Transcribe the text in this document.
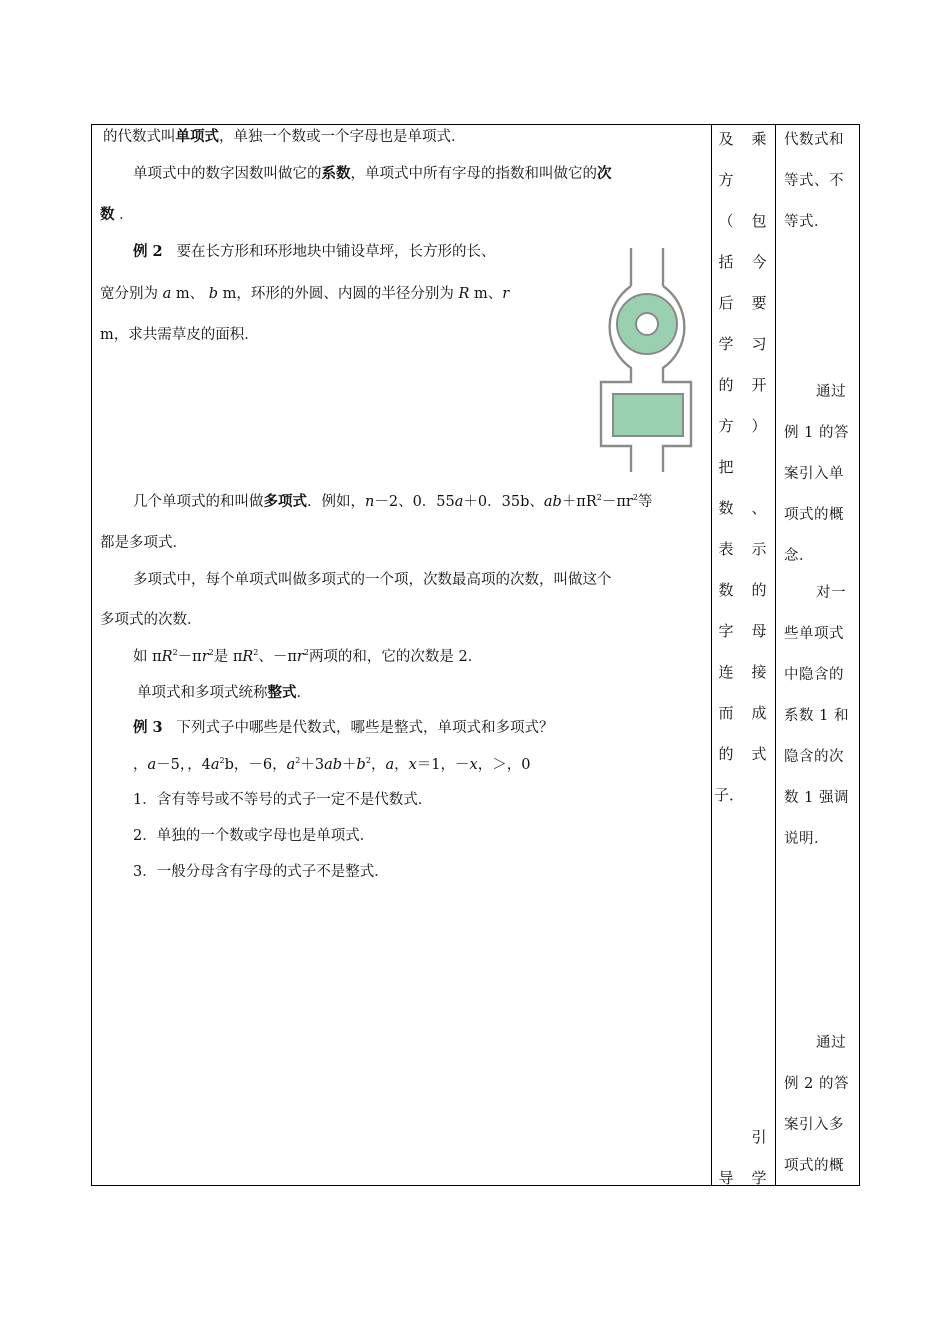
的代数式叫单项式，单独一个数或一个字母也是单项式．
单项式中的数字因数叫做它的系数，单项式中所有字母的指数和叫做它的次
数 ．
例 2 要在长方形和环形地块中铺设草坪，长方形的长、
宽分别为 a m、 b m，环形的外圆、内圆的半径分别为 R m、r
m，求共需草皮的面积．
几个单项式的和叫做多项式．例如，n－2、0．55a＋0．35b、$ab+\pi R^2-\pi r^2$等
都是多项式．
多项式中，每个单项式叫做多项式的一个项，次数最高项的次数，叫做这个
多项式的次数．
如 $\pi R^2-\pi r^2$是 $\pi R^2$、$-\pi r^2$两项的和，它的次数是 2．
单项式和多项式统称整式．
例 3 下列式子中哪些是代数式，哪些是整式，单项式和多项式？
，a－5，，$4a^2b$，－6，$a^2+3ab+b^2$，a，x＝1，－x，＞，0
1．含有等号或不等号的式子一定不是代数式．
2．单独的一个数或字母也是单项式．
3．一般分母含有字母的式子不是整式．
及
方
（
括
后
学
的
方
把
数
表
数
字
连
而
的
子．
乘
包
今
要
习
开
）
、
示
的
母
接
成
式
引
导	学
代数式和
等式、不
等式．
通过
例 1 的答
案引入单
项式的概
念．
对一
些单项式
中隐含的
系数 1 和
隐含的次
数 1 强调
说明．
通过
例 2 的答
案引入多
项式的概
